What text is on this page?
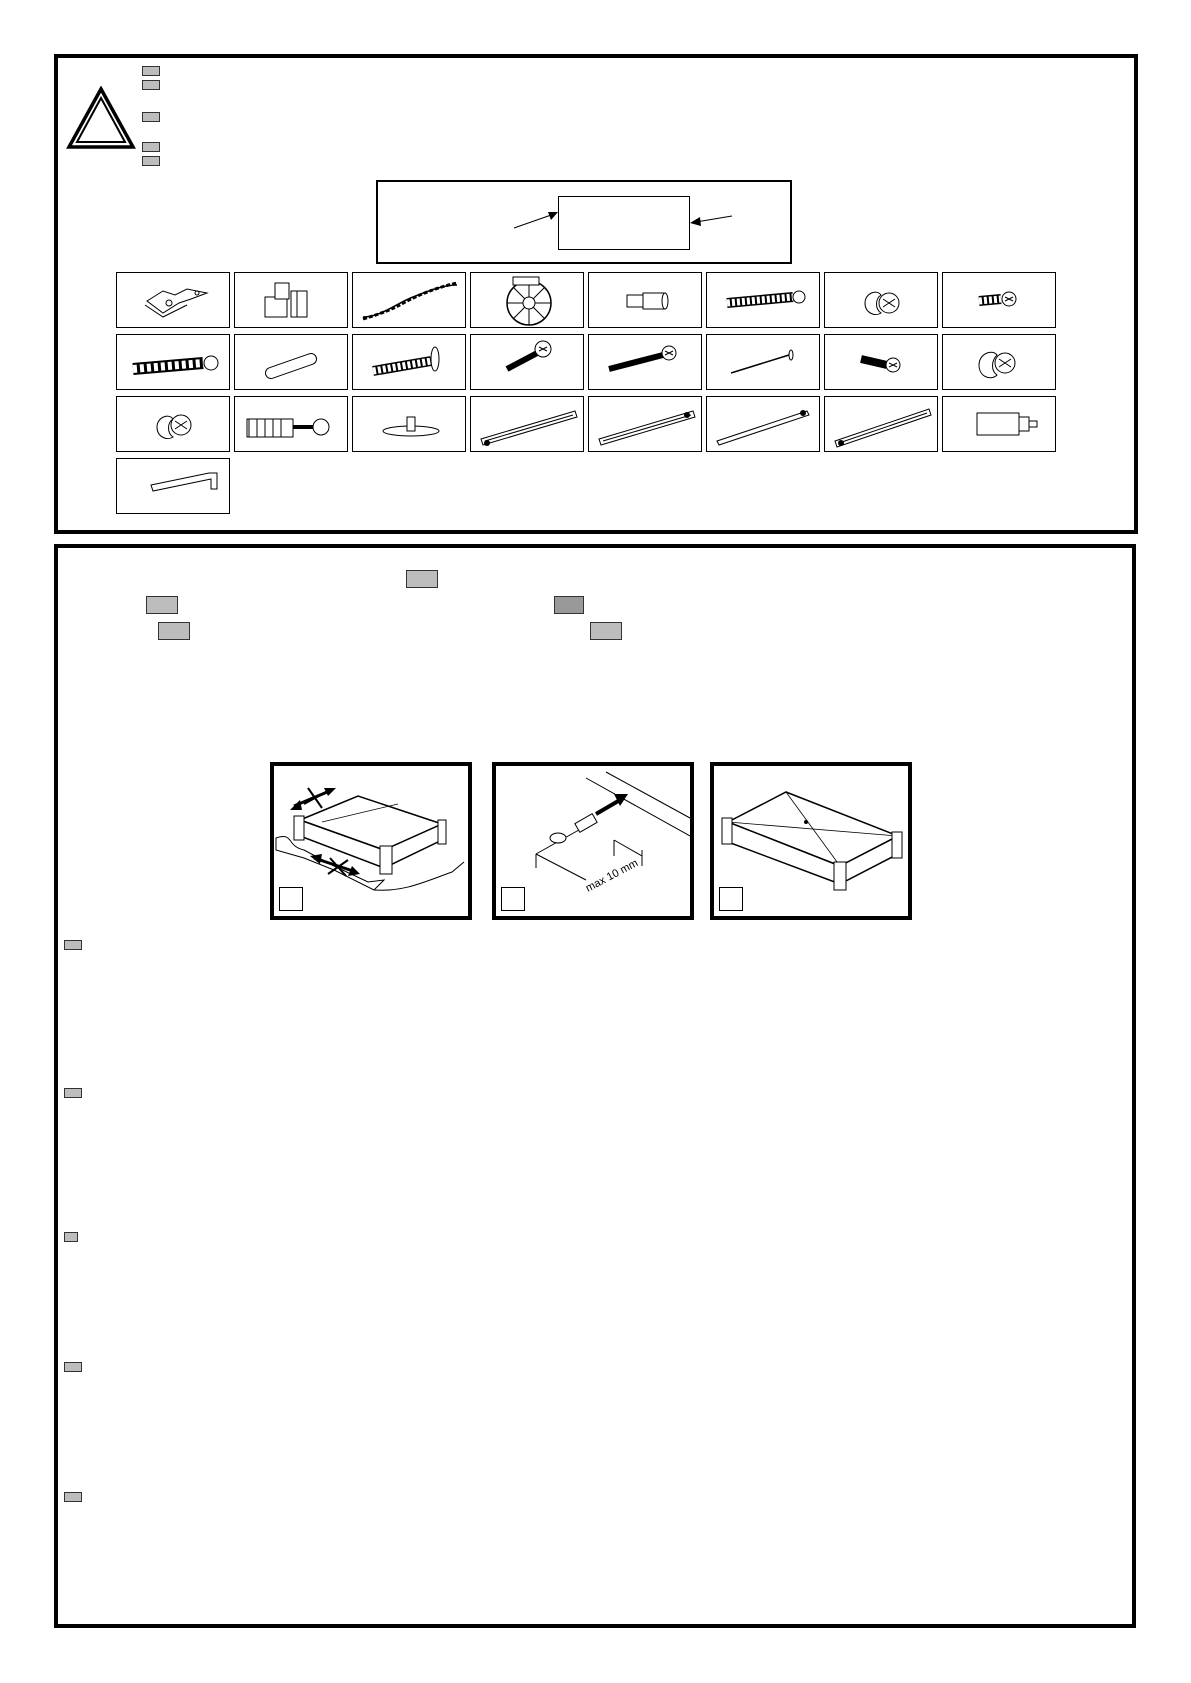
max 10 mm
